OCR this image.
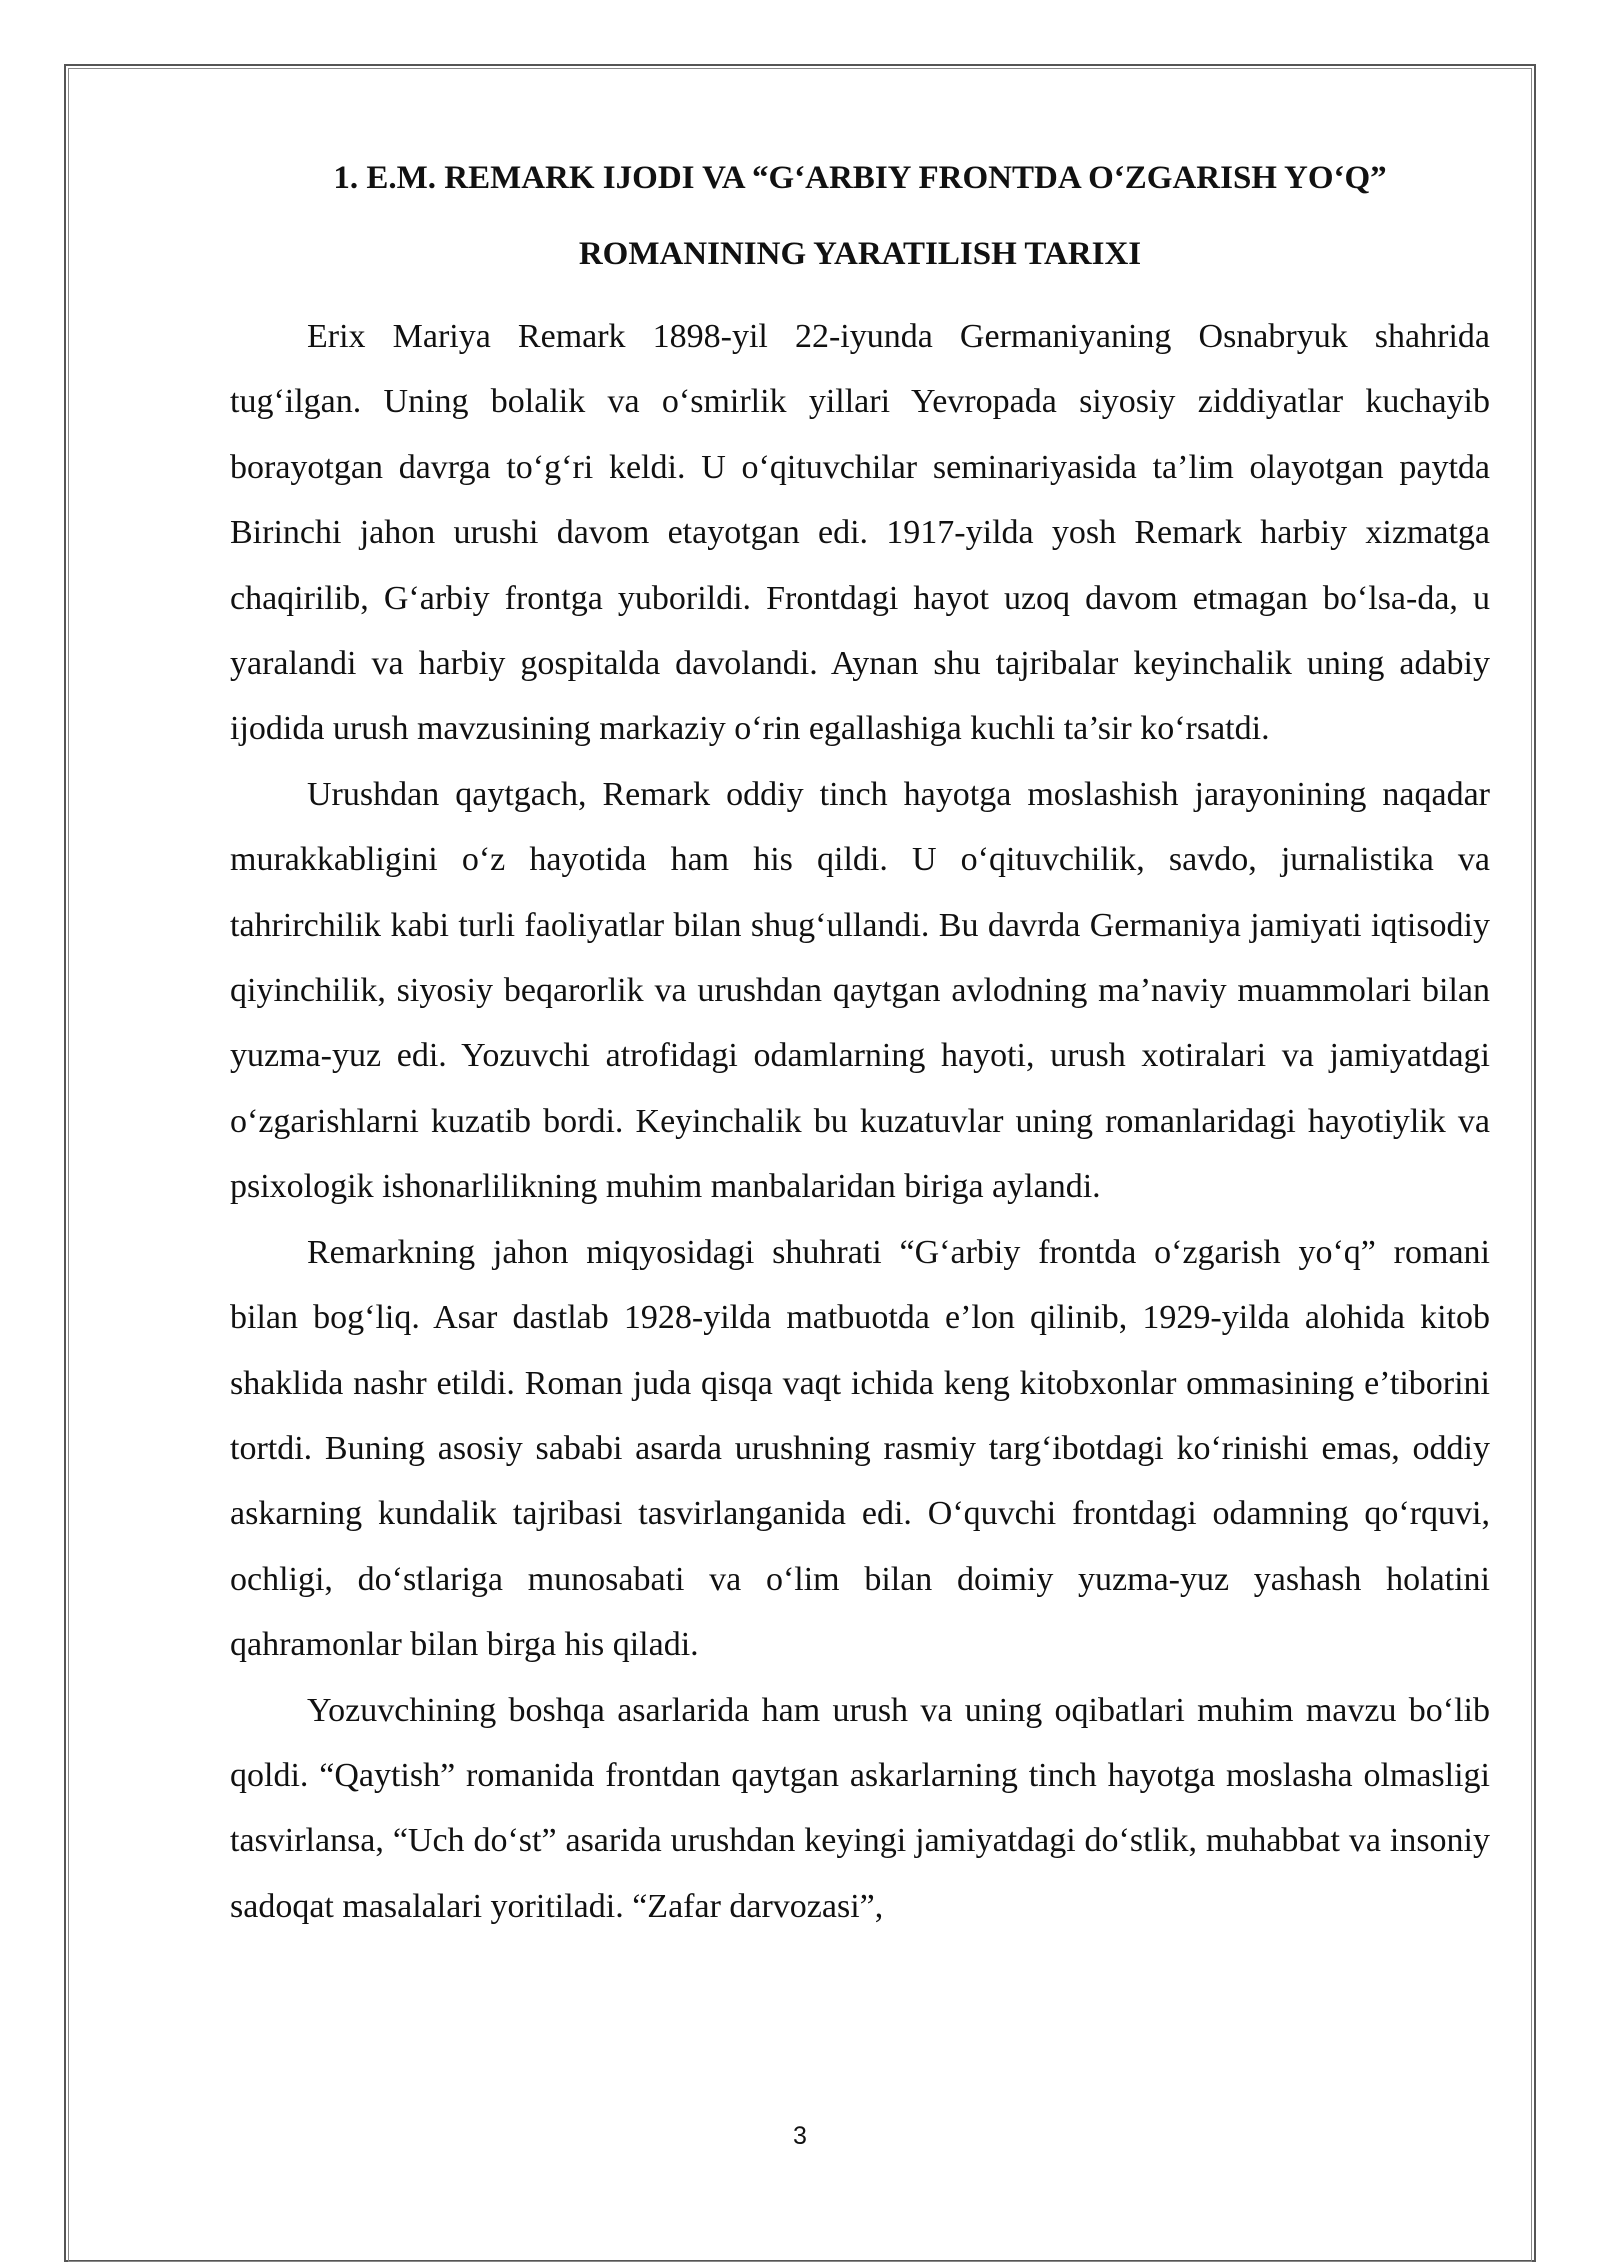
1. E.M. REMARK IJODI VA “G‘ARBIY FRONTDA O‘ZGARISH YO‘Q”
ROMANINING YARATILISH TARIXI

Erix Mariya Remark 1898-yil 22-iyunda Germaniyaning Osnabryuk shahrida tug‘ilgan. Uning bolalik va o‘smirlik yillari Yevropada siyosiy ziddiyatlar kuchayib borayotgan davrga to‘g‘ri keldi. U o‘qituvchilar seminariyasida ta’lim olayotgan paytda Birinchi jahon urushi davom etayotgan edi. 1917-yilda yosh Remark harbiy xizmatga chaqirilib, G‘arbiy frontga yuborildi. Frontdagi hayot uzoq davom etmagan bo‘lsa-da, u yaralandi va harbiy gospitalda davolandi. Aynan shu tajribalar keyinchalik uning adabiy ijodida urush mavzusining markaziy o‘rin egallashiga kuchli ta’sir ko‘rsatdi.

Urushdan qaytgach, Remark oddiy tinch hayotga moslashish jarayonining naqadar murakkabligini o‘z hayotida ham his qildi. U o‘qituvchilik, savdo, jurnalistika va tahrirchilik kabi turli faoliyatlar bilan shug‘ullandi. Bu davrda Germaniya jamiyati iqtisodiy qiyinchilik, siyosiy beqarorlik va urushdan qaytgan avlodning ma’naviy muammolari bilan yuzma-yuz edi. Yozuvchi atrofidagi odamlarning hayoti, urush xotiralari va jamiyatdagi o‘zgarishlarni kuzatib bordi. Keyinchalik bu kuzatuvlar uning romanlaridagi hayotiylik va psixologik ishonarlilikning muhim manbalaridan biriga aylandi.

Remarkning jahon miqyosidagi shuhrati “G‘arbiy frontda o‘zgarish yo‘q” romani bilan bog‘liq. Asar dastlab 1928-yilda matbuotda e’lon qilinib, 1929-yilda alohida kitob shaklida nashr etildi. Roman juda qisqa vaqt ichida keng kitobxonlar ommasining e’tiborini tortdi. Buning asosiy sababi asarda urushning rasmiy targ‘ibotdagi ko‘rinishi emas, oddiy askarning kundalik tajribasi tasvirlanganida edi. O‘quvchi frontdagi odamning qo‘rquvi, ochligi, do‘stlariga munosabati va o‘lim bilan doimiy yuzma-yuz yashash holatini qahramonlar bilan birga his qiladi.

Yozuvchining boshqa asarlarida ham urush va uning oqibatlari muhim mavzu bo‘lib qoldi. “Qaytish” romanida frontdan qaytgan askarlarning tinch hayotga moslasha olmasligi tasvirlansa, “Uch do‘st” asarida urushdan keyingi jamiyatdagi do‘stlik, muhabbat va insoniy sadoqat masalalari yoritiladi. “Zafar darvozasi”,

3
